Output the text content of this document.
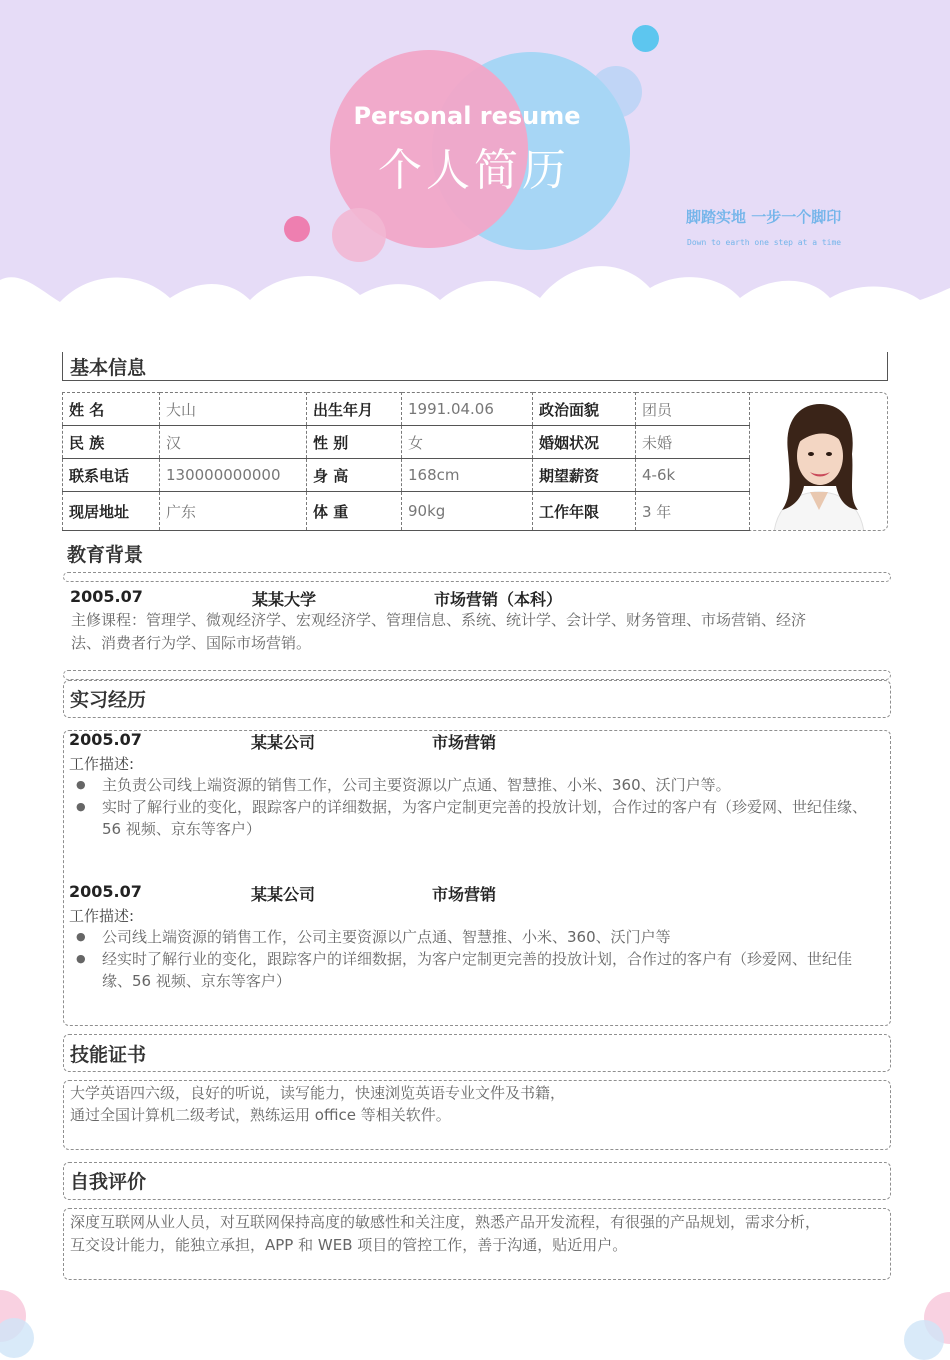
Personal resume
个人简历
脚踏实地 一步一个脚印
Down to earth one step at a time
基本信息
姓 名	大山	出生年月	1991.04.06	政治面貌	团员
民 族	汉	性 别	女	婚姻状况	未婚
联系电话	130000000000	身 高	168cm	期望薪资	4-6k
现居地址	广东	体 重	90kg	工作年限	3 年
教育背景
2005.07	某某大学	市场营销（本科）
主修课程：管理学、微观经济学、宏观经济学、管理信息、系统、统计学、会计学、财务管理、市场营销、经济
法、消费者行为学、国际市场营销。
实习经历
2005.07	某某公司	市场营销
工作描述:
● 主负责公司线上端资源的销售工作，公司主要资源以广点通、智慧推、小米、360、沃门户等。
● 实时了解行业的变化，跟踪客户的详细数据，为客户定制更完善的投放计划，合作过的客户有（珍爱网、世纪佳缘、56 视频、京东等客户）
2005.07	某某公司	市场营销
工作描述:
● 公司线上端资源的销售工作，公司主要资源以广点通、智慧推、小米、360、沃门户等
● 经实时了解行业的变化，跟踪客户的详细数据，为客户定制更完善的投放计划，合作过的客户有（珍爱网、世纪佳缘、56 视频、京东等客户）
技能证书
大学英语四六级，良好的听说，读写能力，快速浏览英语专业文件及书籍，
通过全国计算机二级考试，熟练运用 office 等相关软件。
自我评价
深度互联网从业人员，对互联网保持高度的敏感性和关注度，熟悉产品开发流程，有很强的产品规划，需求分析，
互交设计能力，能独立承担，APP 和 WEB 项目的管控工作，善于沟通，贴近用户。
